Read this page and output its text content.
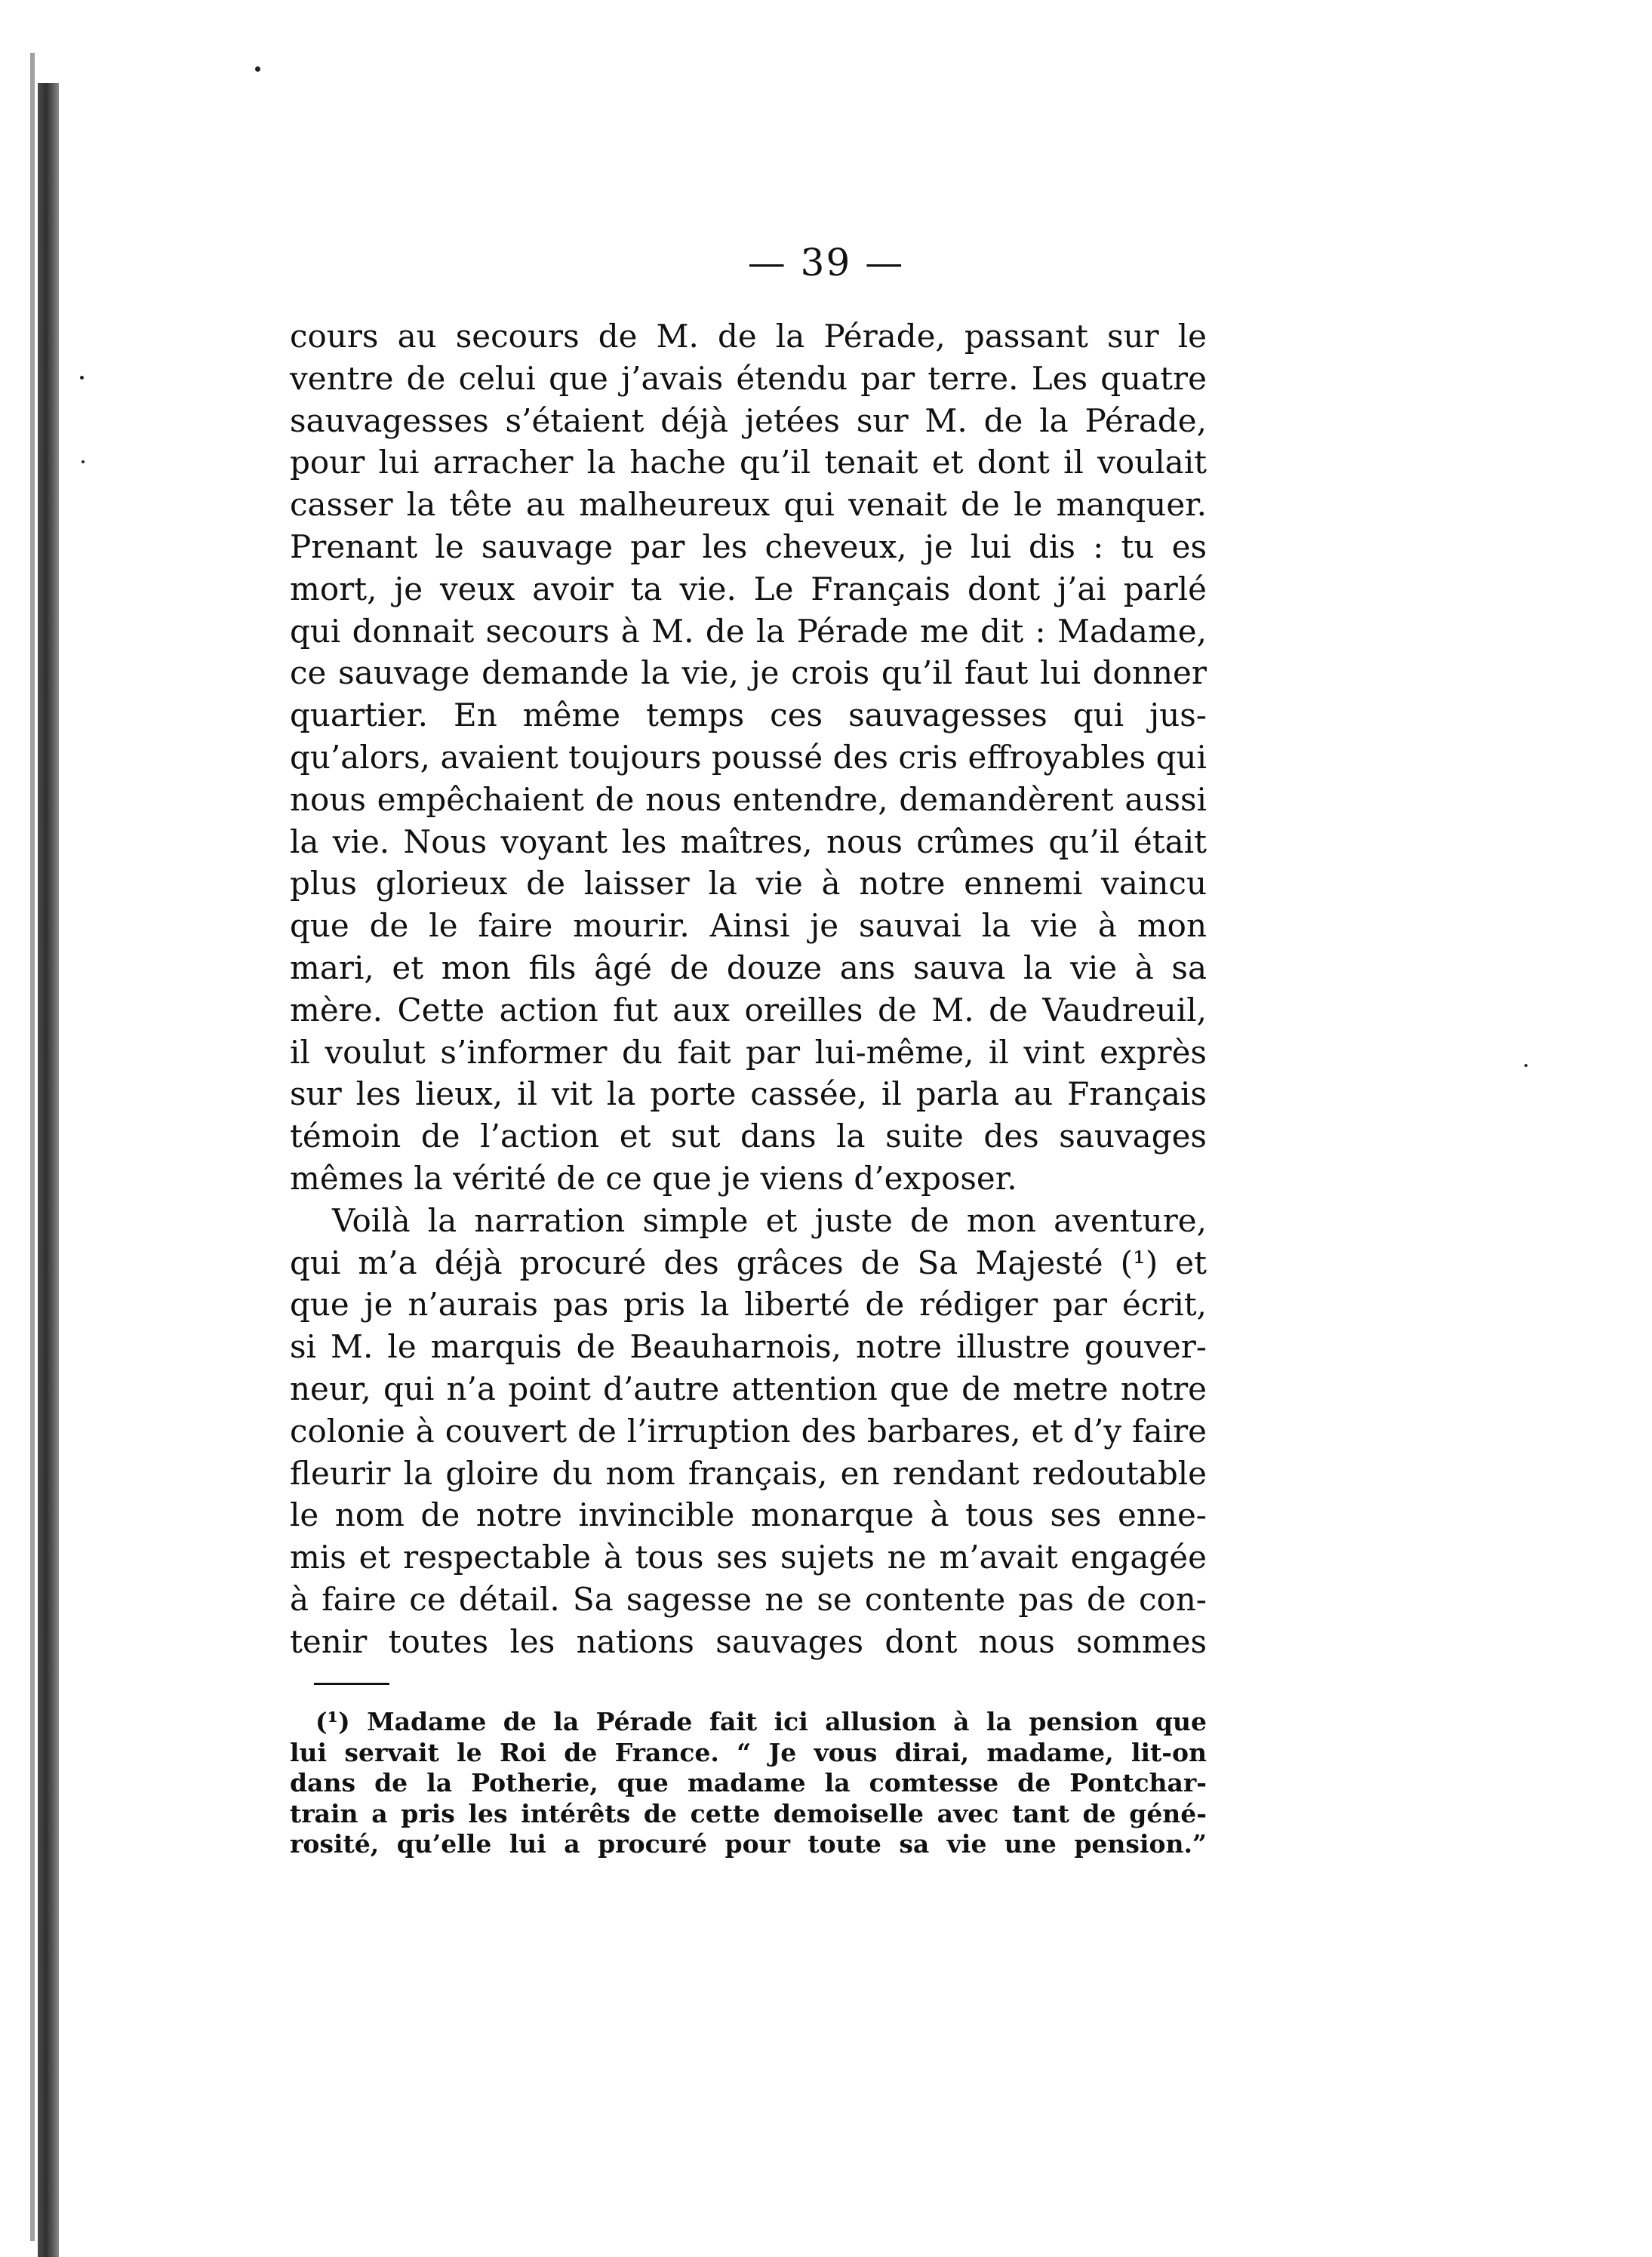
— 39 —
cours au secours de M. de la Pérade, passant sur le
ventre de celui que j’avais étendu par terre. Les quatre
sauvagesses s’étaient déjà jetées sur M. de la Pérade,
pour lui arracher la hache qu’il tenait et dont il voulait
casser la tête au malheureux qui venait de le manquer.
Prenant le sauvage par les cheveux, je lui dis : tu es
mort, je veux avoir ta vie. Le Français dont j’ai parlé
qui donnait secours à M. de la Pérade me dit : Madame,
ce sauvage demande la vie, je crois qu’il faut lui donner
quartier. En même temps ces sauvagesses qui jus-
qu’alors, avaient toujours poussé des cris effroyables qui
nous empêchaient de nous entendre, demandèrent aussi
la vie. Nous voyant les maîtres, nous crûmes qu’il était
plus glorieux de laisser la vie à notre ennemi vaincu
que de le faire mourir. Ainsi je sauvai la vie à mon
mari, et mon fils âgé de douze ans sauva la vie à sa
mère. Cette action fut aux oreilles de M. de Vaudreuil,
il voulut s’informer du fait par lui-même, il vint exprès
sur les lieux, il vit la porte cassée, il parla au Français
témoin de l’action et sut dans la suite des sauvages
mêmes la vérité de ce que je viens d’exposer.
Voilà la narration simple et juste de mon aventure,
qui m’a déjà procuré des grâces de Sa Majesté (¹) et
que je n’aurais pas pris la liberté de rédiger par écrit,
si M. le marquis de Beauharnois, notre illustre gouver-
neur, qui n’a point d’autre attention que de metre notre
colonie à couvert de l’irruption des barbares, et d’y faire
fleurir la gloire du nom français, en rendant redoutable
le nom de notre invincible monarque à tous ses enne-
mis et respectable à tous ses sujets ne m’avait engagée
à faire ce détail. Sa sagesse ne se contente pas de con-
tenir toutes les nations sauvages dont nous sommes
(¹) Madame de la Pérade fait ici allusion à la pension que
lui servait le Roi de France. “ Je vous dirai, madame, lit-on
dans de la Potherie, que madame la comtesse de Pontchar-
train a pris les intérêts de cette demoiselle avec tant de géné-
rosité, qu’elle lui a procuré pour toute sa vie une pension.”
